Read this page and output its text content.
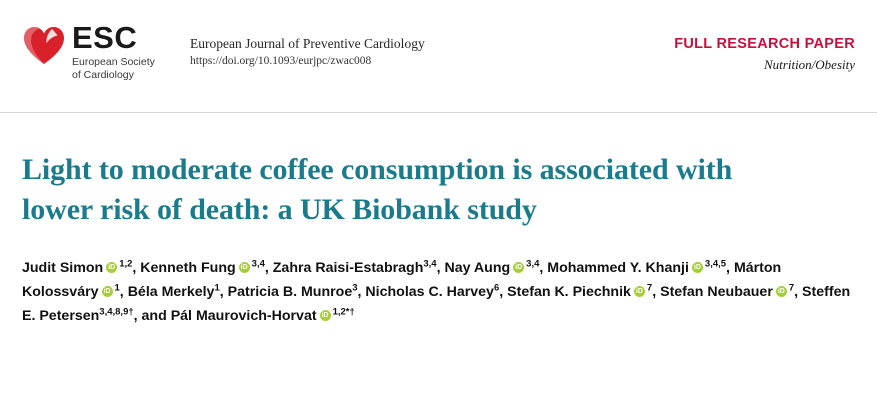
ESC
European Society
of Cardiology
European Journal of Preventive Cardiology
https://doi.org/10.1093/eurjpc/zwac008
FULL RESEARCH PAPER
Nutrition/Obesity
Light to moderate coffee consumption is associated with lower risk of death: a UK Biobank study
Judit Simon iD $^{1,2}$, Kenneth Fung iD $^{3,4}$, Zahra Raisi-Estabragh$^{3,4}$, Nay Aung iD $^{3,4}$, Mohammed Y. Khanji iD $^{3,4,5}$, Márton Kolossváry iD $^1$, Béla Merkely$^1$, Patricia B. Munroe$^3$, Nicholas C. Harvey$^6$, Stefan K. Piechnik iD $^7$, Stefan Neubauer iD $^7$, Steffen E. Petersen$^{3,4,8,9\dagger}$, and Pál Maurovich-Horvat iD $^{1,2*\dagger}$
